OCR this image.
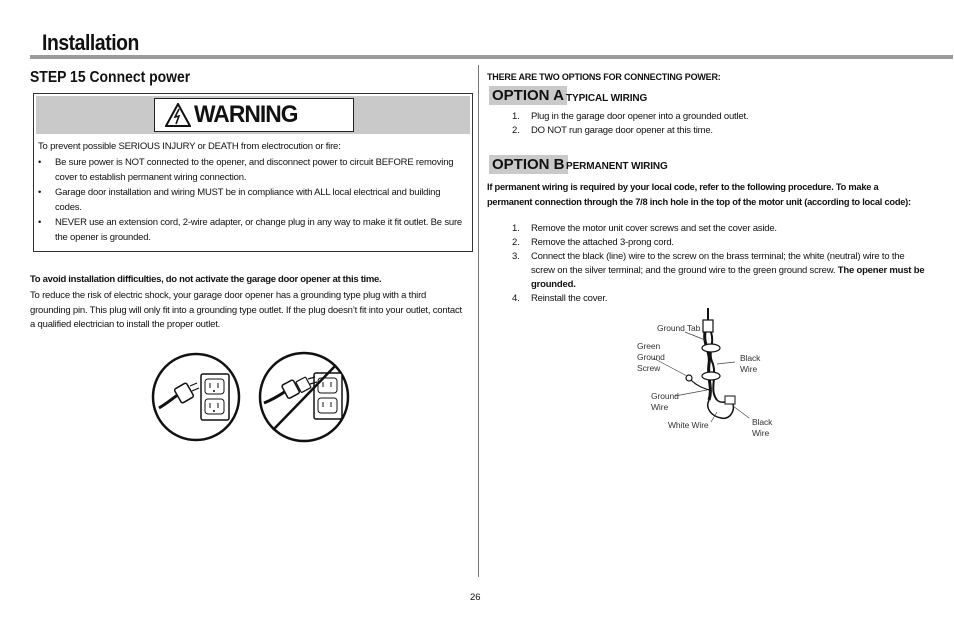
Installation
STEP 15 Connect power
WARNING
To prevent possible SERIOUS INJURY or DEATH from electrocution or fire:
• Be sure power is NOT connected to the opener, and disconnect power to circuit BEFORE removing cover to establish permanent wiring connection.
• Garage door installation and wiring MUST be in compliance with ALL local electrical and building codes.
• NEVER use an extension cord, 2-wire adapter, or change plug in any way to make it fit outlet. Be sure the opener is grounded.
To avoid installation difficulties, do not activate the garage door opener at this time.
To reduce the risk of electric shock, your garage door opener has a grounding type plug with a third grounding pin. This plug will only fit into a grounding type outlet. If the plug doesn’t fit into your outlet, contact a qualified electrician to install the proper outlet.
THERE ARE TWO OPTIONS FOR CONNECTING POWER:
OPTION A TYPICAL WIRING
1. Plug in the garage door opener into a grounded outlet.
2. DO NOT run garage door opener at this time.
OPTION B PERMANENT WIRING
If permanent wiring is required by your local code, refer to the following procedure. To make a permanent connection through the 7/8 inch hole in the top of the motor unit (according to local code):
1. Remove the motor unit cover screws and set the cover aside.
2. Remove the attached 3-prong cord.
3. Connect the black (line) wire to the screw on the brass terminal; the white (neutral) wire to the screw on the silver terminal; and the ground wire to the green ground screw. The opener must be grounded.
4. Reinstall the cover.
Ground Tab
Green
Ground
Screw
Black
Wire
Ground
Wire
White Wire	Black
Wire
26
